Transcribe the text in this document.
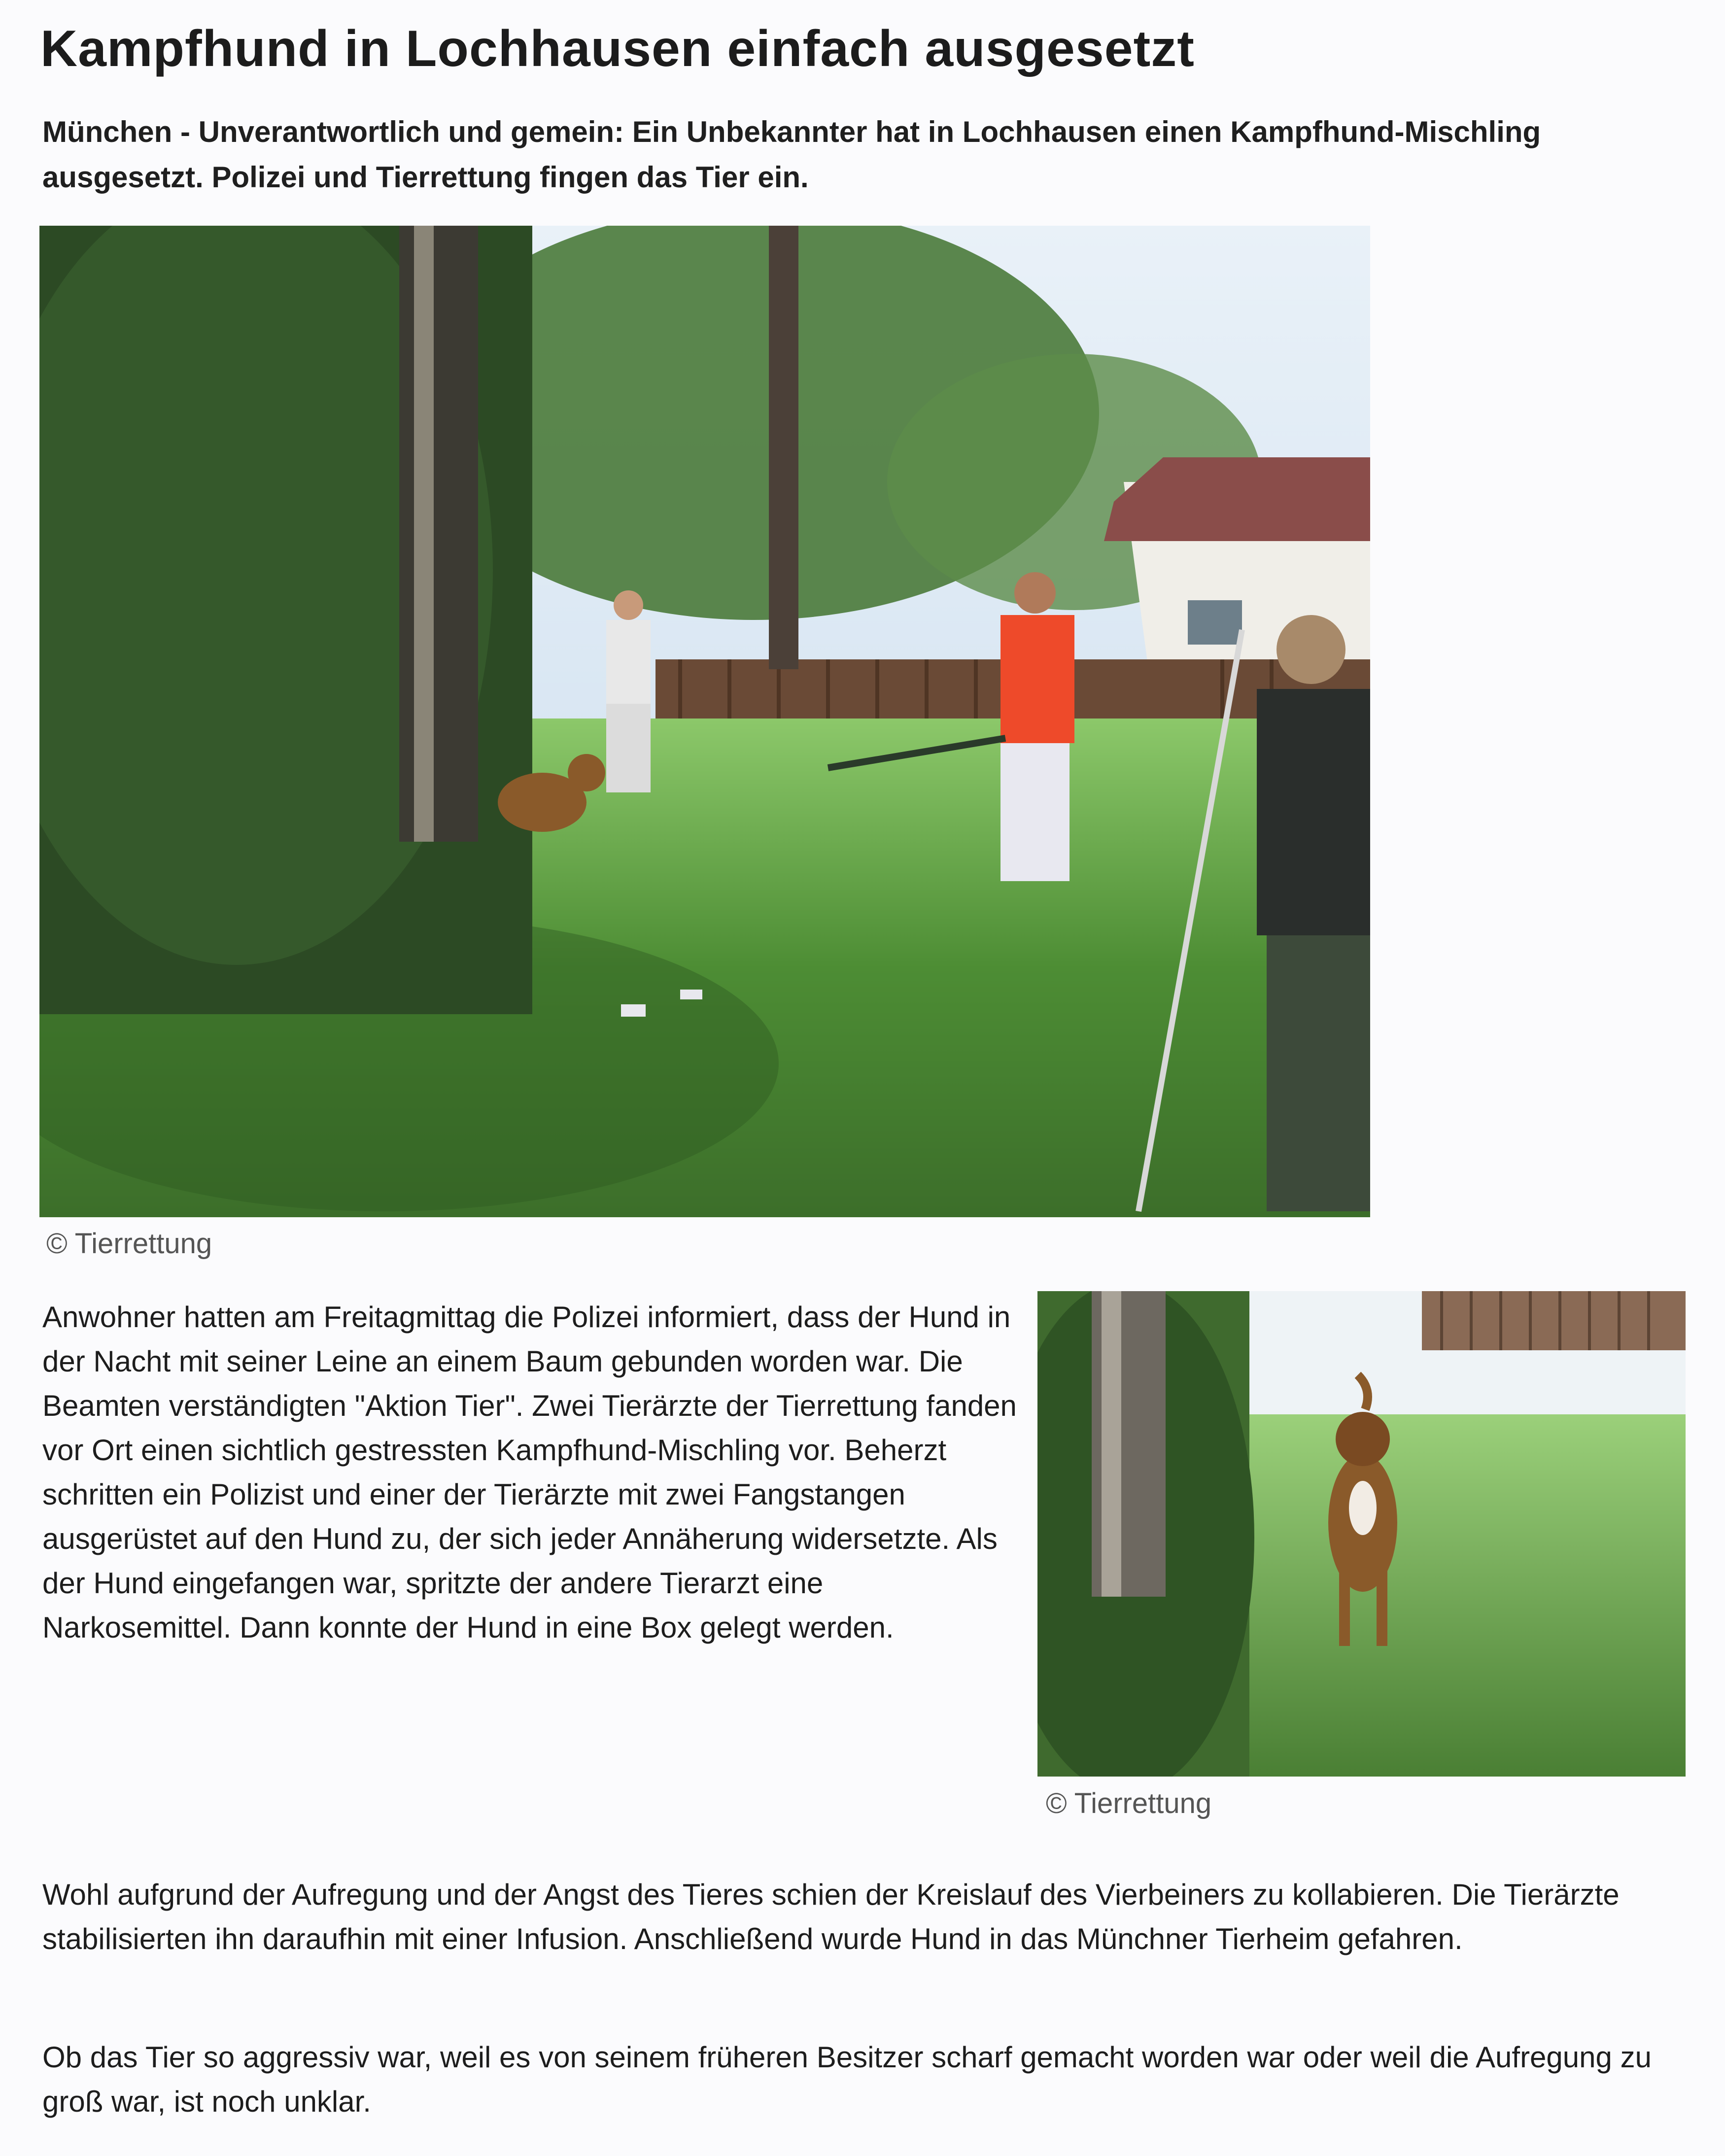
Kampfhund in Lochhausen einfach ausgesetzt

München - Unverantwortlich und gemein: Ein Unbekannter hat in Lochhausen einen Kampfhund-Mischling ausgesetzt. Polizei und Tierrettung fingen das Tier ein.

© Tierrettung

Anwohner hatten am Freitagmittag die Polizei informiert, dass der Hund in der Nacht mit seiner Leine an einem Baum gebunden worden war. Die Beamten verständigten "Aktion Tier". Zwei Tierärzte der Tierrettung fanden vor Ort einen sichtlich gestressten Kampfhund-Mischling vor. Beherzt schritten ein Polizist und einer der Tierärzte mit zwei Fangstangen ausgerüstet auf den Hund zu, der sich jeder Annäherung widersetzte. Als der Hund eingefangen war, spritzte der andere Tierarzt eine Narkosemittel. Dann konnte der Hund in eine Box gelegt werden.

© Tierrettung

Wohl aufgrund der Aufregung und der Angst des Tieres schien der Kreislauf des Vierbeiners zu kollabieren. Die Tierärzte stabilisierten ihn daraufhin mit einer Infusion. Anschließend wurde Hund in das Münchner Tierheim gefahren.

Ob das Tier so aggressiv war, weil es von seinem früheren Besitzer scharf gemacht worden war oder weil die Aufregung zu groß war, ist noch unklar.
